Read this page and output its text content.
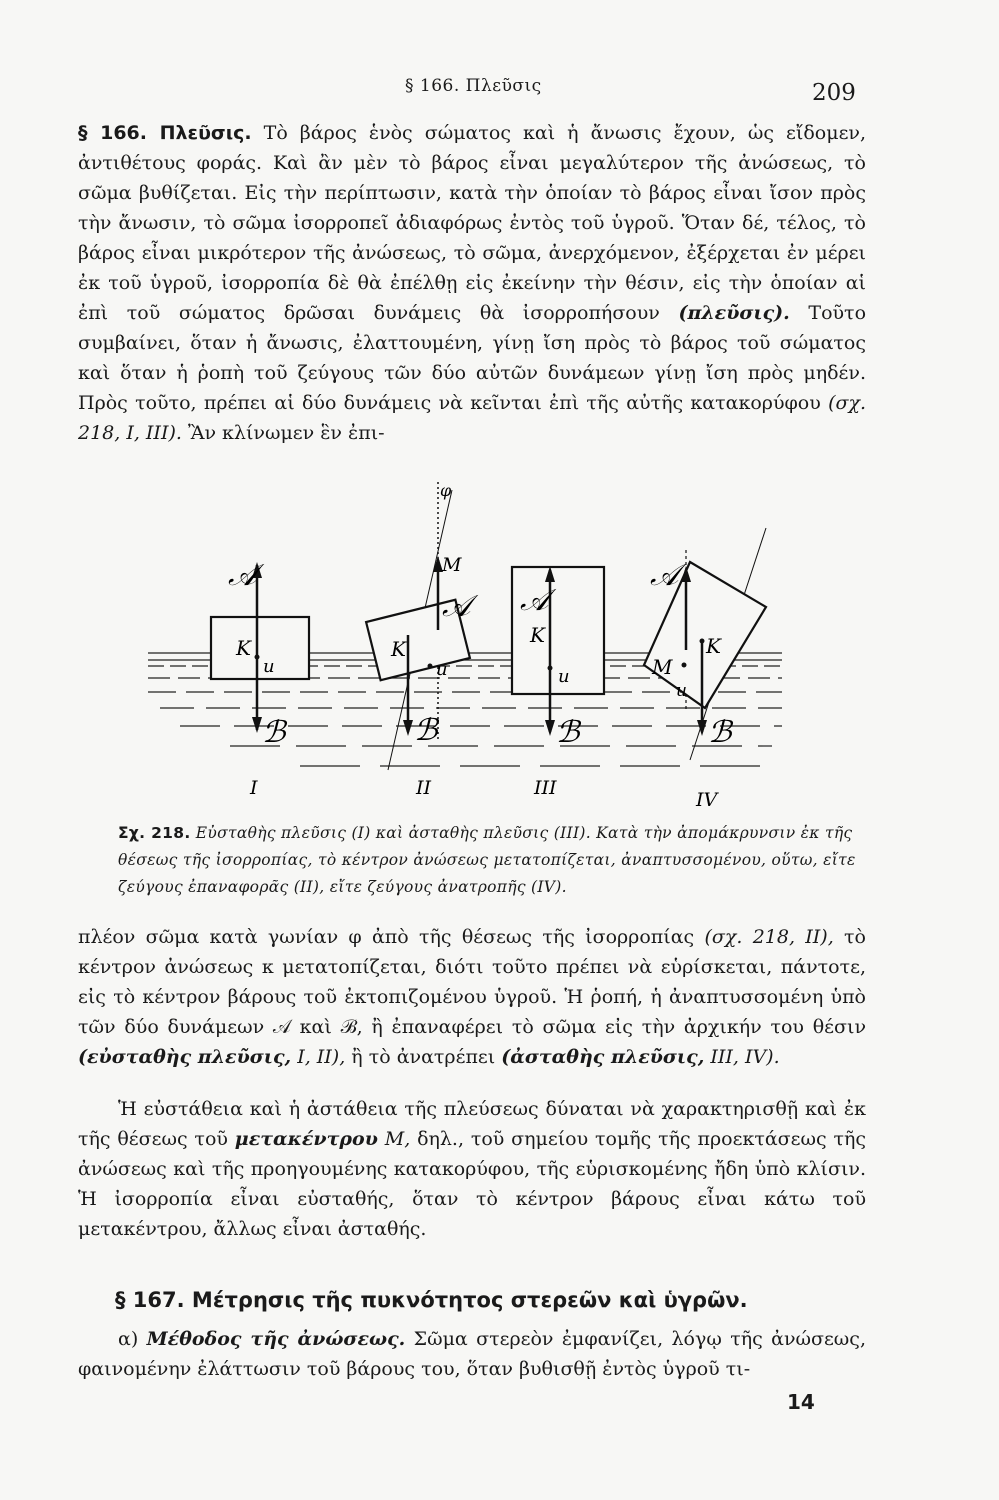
§ 166. Πλεῦσις	209
§ 166. Πλεῦσις. Τὸ βάρος ἑνὸς σώματος καὶ ἡ ἄνωσις ἔχουν, ὡς εἴδομεν, ἀντιθέτους φοράς. Καὶ ἂν μὲν τὸ βάρος εἶναι μεγαλύτερον τῆς ἀνώσεως, τὸ σῶμα βυθίζεται. Εἰς τὴν περίπτωσιν, κατὰ τὴν ὁποίαν τὸ βάρος εἶναι ἴσον πρὸς τὴν ἄνωσιν, τὸ σῶμα ἰσορροπεῖ ἀδιαφόρως ἐντὸς τοῦ ὑγροῦ. Ὅταν δέ, τέλος, τὸ βάρος εἶναι μικρότερον τῆς ἀνώσεως, τὸ σῶμα, ἀνερχόμενον, ἐξέρχεται ἐν μέρει ἐκ τοῦ ὑγροῦ, ἰσορροπία δὲ θὰ ἐπέλθῃ εἰς ἐκείνην τὴν θέσιν, εἰς τὴν ὁποίαν αἱ ἐπὶ τοῦ σώματος δρῶσαι δυνάμεις θὰ ἰσορροπήσουν (πλεῦσις). Τοῦτο συμβαίνει, ὅταν ἡ ἄνωσις, ἐλαττουμένη, γίνῃ ἴση πρὸς τὸ βάρος τοῦ σώματος καὶ ὅταν ἡ ῥοπὴ τοῦ ζεύγους τῶν δύο αὐτῶν δυνάμεων γίνῃ ἴση πρὸς μηδέν. Πρὸς τοῦτο, πρέπει αἱ δύο δυνάμεις νὰ κεῖνται ἐπὶ τῆς αὐτῆς κατακορύφου (σχ. 218, I, III). Ἂν κλίνωμεν ἓν ἐπι-
𝒜
K
u
ℬ
I
φ
M
𝒜
K
u
ℬ
II
𝒜
K
u
ℬ
III
𝒜
K
M
u
ℬ
IV
Σχ. 218. Εὐσταθὴς πλεῦσις (I) καὶ ἀσταθὴς πλεῦσις (III). Κατὰ τὴν ἀπομάκρυνσιν ἐκ τῆς θέσεως τῆς ἰσορροπίας, τὸ κέντρον ἀνώσεως μετατοπίζεται, ἀναπτυσσομένου, οὕτω, εἴτε ζεύγους ἐπαναφορᾶς (II), εἴτε ζεύγους ἀνατροπῆς (IV).
πλέον σῶμα κατὰ γωνίαν φ ἀπὸ τῆς θέσεως τῆς ἰσορροπίας (σχ. 218, II), τὸ κέντρον ἀνώσεως κ μετατοπίζεται, διότι τοῦτο πρέπει νὰ εὑρίσκεται, πάντοτε, εἰς τὸ κέντρον βάρους τοῦ ἐκτοπιζομένου ὑγροῦ. Ἡ ῥοπή, ἡ ἀναπτυσσομένη ὑπὸ τῶν δύο δυνάμεων 𝒜 καὶ ℬ, ἢ ἐπαναφέρει τὸ σῶμα εἰς τὴν ἀρχικήν του θέσιν (εὐσταθὴς πλεῦσις, I, II), ἢ τὸ ἀνατρέπει (ἀσταθὴς πλεῦσις, III, IV).
Ἡ εὐστάθεια καὶ ἡ ἀστάθεια τῆς πλεύσεως δύναται νὰ χαρακτηρισθῇ καὶ ἐκ τῆς θέσεως τοῦ μετακέντρου M, δηλ., τοῦ σημείου τομῆς τῆς προεκτάσεως τῆς ἀνώσεως καὶ τῆς προηγουμένης κατακορύφου, τῆς εὑρισκομένης ἤδη ὑπὸ κλίσιν. Ἡ ἰσορροπία εἶναι εὐσταθής, ὅταν τὸ κέντρον βάρους εἶναι κάτω τοῦ μετακέντρου, ἄλλως εἶναι ἀσταθής.
§ 167. Μέτρησις τῆς πυκνότητος στερεῶν καὶ ὑγρῶν.
α) Μέθοδος τῆς ἀνώσεως. Σῶμα στερεὸν ἐμφανίζει, λόγῳ τῆς ἀνώσεως, φαινομένην ἐλάττωσιν τοῦ βάρους του, ὅταν βυθισθῇ ἐντὸς ὑγροῦ τι-
14
